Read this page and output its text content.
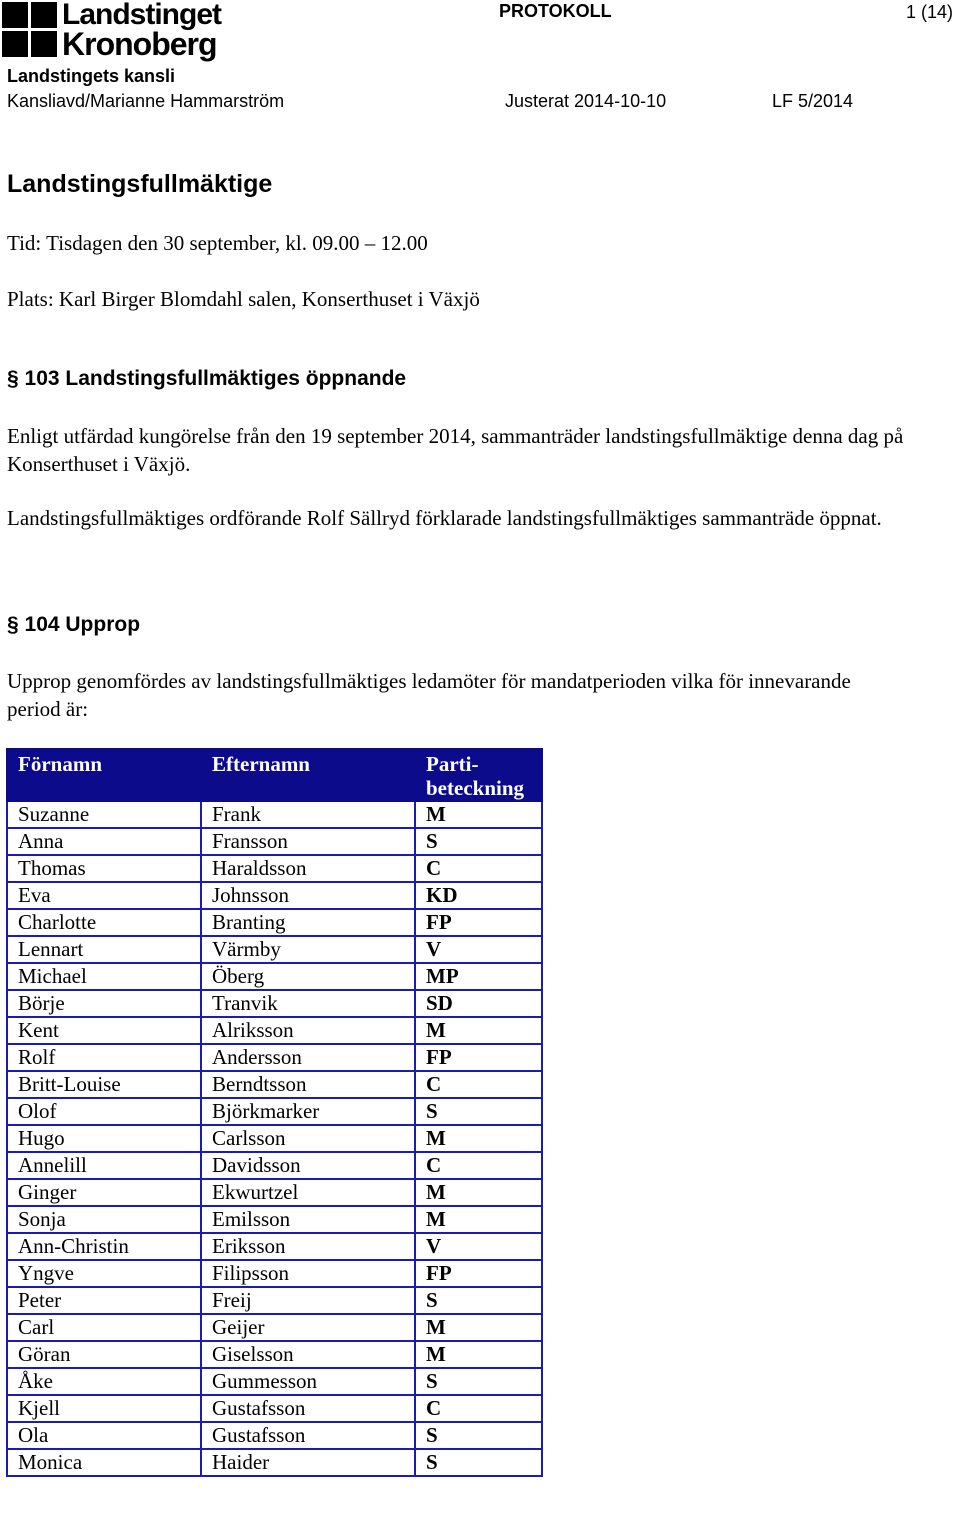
Landstinget
Kronoberg
PROTOKOLL	1 (14)
Landstingets kansli
Kansliavd/Marianne Hammarström	Justerat 2014-10-10	LF 5/2014
Landstingsfullmäktige
Tid: Tisdagen den 30 september, kl. 09.00 – 12.00
Plats: Karl Birger Blomdahl salen, Konserthuset i Växjö
§ 103 Landstingsfullmäktiges öppnande
Enligt utfärdad kungörelse från den 19 september 2014, sammanträder landstingsfullmäktige denna dag på Konserthuset i Växjö.
Landstingsfullmäktiges ordförande Rolf Sällryd förklarade landstingsfullmäktiges sammanträde öppnat.
§ 104 Upprop
Upprop genomfördes av landstingsfullmäktiges ledamöter för mandatperioden vilka för innevarande period är:
Förnamn	Efternamn	Parti-
beteckning
Suzanne	Frank	M
Anna	Fransson	S
Thomas	Haraldsson	C
Eva	Johnsson	KD
Charlotte	Branting	FP
Lennart	Värmby	V
Michael	Öberg	MP
Börje	Tranvik	SD
Kent	Alriksson	M
Rolf	Andersson	FP
Britt-Louise	Berndtsson	C
Olof	Björkmarker	S
Hugo	Carlsson	M
Annelill	Davidsson	C
Ginger	Ekwurtzel	M
Sonja	Emilsson	M
Ann-Christin	Eriksson	V
Yngve	Filipsson	FP
Peter	Freij	S
Carl	Geijer	M
Göran	Giselsson	M
Åke	Gummesson	S
Kjell	Gustafsson	C
Ola	Gustafsson	S
Monica	Haider	S
